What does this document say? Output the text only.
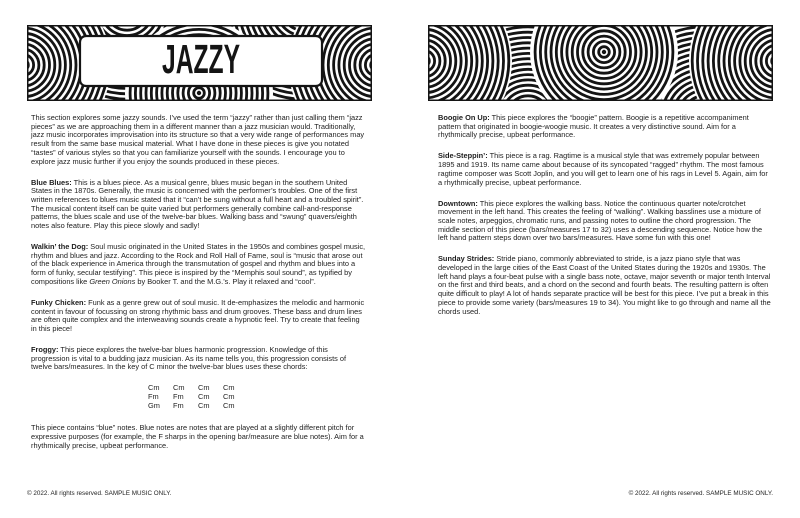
JAZZY

This section explores some jazzy sounds. I’ve used the term “jazzy” rather than just calling them “jazz pieces” as we are approaching them in a different manner than a jazz musician would. Traditionally, jazz music incorporates improvisation into its structure so that a very wide range of performances may result from the same base musical material. What I have done in these pieces is give you notated “tastes” of various styles so that you can familiarize yourself with the sounds. I encourage you to explore jazz music further if you enjoy the sounds produced in these pieces.

Blue Blues: This is a blues piece. As a musical genre, blues music began in the southern United States in the 1870s. Generally, the music is concerned with the performer’s troubles. One of the first written references to blues music stated that it “can’t be sung without a full heart and a troubled spirit”. The musical content itself can be quite varied but performers generally combine call-and-response patterns, the blues scale and use of the twelve-bar blues. Walking bass and “swung” quavers/eighth notes also feature. Play this piece slowly and sadly!

Walkin’ the Dog: Soul music originated in the United States in the 1950s and combines gospel music, rhythm and blues and jazz. According to the Rock and Roll Hall of Fame, soul is “music that arose out of the black experience in America through the transmutation of gospel and rhythm and blues into a form of funky, secular testifying”. This piece is inspired by the “Memphis soul sound”, as typified by compositions like Green Onions by Booker T. and the M.G.’s. Play it relaxed and “cool”.

Funky Chicken: Funk as a genre grew out of soul music. It de-emphasizes the melodic and harmonic content in favour of focussing on strong rhythmic bass and drum grooves. These bass and drum lines are often quite complex and the interweaving sounds create a hypnotic feel. Try to create that feeling in this piece!

Froggy: This piece explores the twelve-bar blues harmonic progression. Knowledge of this progression is vital to a budding jazz musician. As its name tells you, this progression consists of twelve bars/measures. In the key of C minor the twelve-bar blues uses these chords:

Cm	Cm	Cm	Cm
Fm	Fm	Cm	Cm
Gm	Fm	Cm	Cm

This piece contains “blue” notes. Blue notes are notes that are played at a slightly different pitch for expressive purposes (for example, the F sharps in the opening bar/measure are blue notes). Aim for a rhythmically precise, upbeat performance.

Boogie On Up: This piece explores the “boogie” pattern. Boogie is a repetitive accompaniment pattern that originated in boogie-woogie music. It creates a very distinctive sound. Aim for a rhythmically precise, upbeat performance.

Side-Steppin’: This piece is a rag. Ragtime is a musical style that was extremely popular between 1895 and 1919. Its name came about because of its syncopated “ragged” rhythm. The most famous ragtime composer was Scott Joplin, and you will get to learn one of his rags in Level 5. Again, aim for a rhythmically precise, upbeat performance.

Downtown: This piece explores the walking bass. Notice the continuous quarter note/crotchet movement in the left hand. This creates the feeling of “walking”. Walking basslines use a mixture of scale notes, arpeggios, chromatic runs, and passing notes to outline the chord progression. The middle section of this piece (bars/measures 17 to 32) uses a descending sequence. Notice how the left hand pattern steps down over two bars/measures. Have some fun with this one!

Sunday Strides: Stride piano, commonly abbreviated to stride, is a jazz piano style that was developed in the large cities of the East Coast of the United States during the 1920s and 1930s. The left hand plays a four-beat pulse with a single bass note, octave, major seventh or major tenth Interval on the first and third beats, and a chord on the second and fourth beats. The resulting pattern is often quite difficult to play! A lot of hands separate practice will be best for this piece. I’ve put a break in this piece to provide some variety (bars/measures 19 to 34). You might like to go through and name all the chords used.

© 2022. All rights reserved. SAMPLE MUSIC ONLY.	© 2022. All rights reserved. SAMPLE MUSIC ONLY.
